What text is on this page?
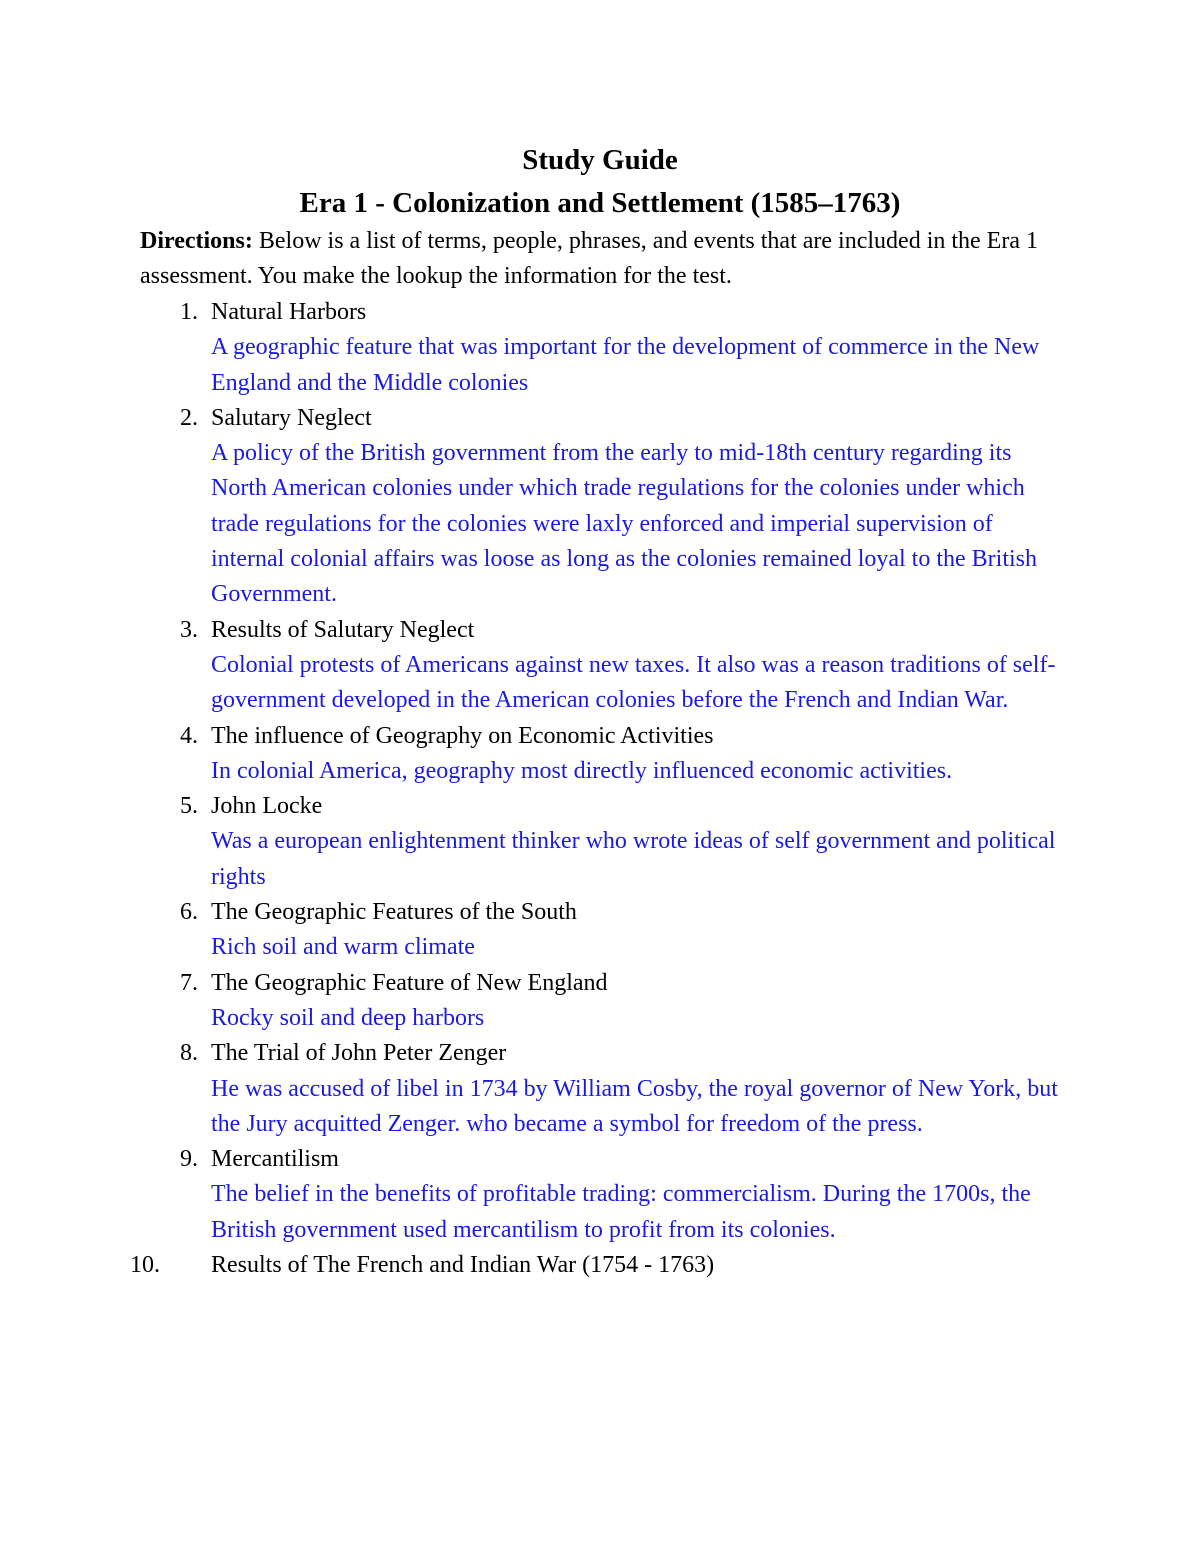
Study Guide
Era 1 - Colonization and Settlement (1585–1763)

Directions: Below is a list of terms, people, phrases, and events that are included in the Era 1 assessment. You make the lookup the information for the test.

1. Natural Harbors
A geographic feature that was important for the development of commerce in the New England and the Middle colonies
2. Salutary Neglect
A policy of the British government from the early to mid-18th century regarding its North American colonies under which trade regulations for the colonies under which trade regulations for the colonies were laxly enforced and imperial supervision of internal colonial affairs was loose as long as the colonies remained loyal to the British Government.
3. Results of Salutary Neglect
Colonial protests of Americans against new taxes. It also was a reason traditions of self-government developed in the American colonies before the French and Indian War.
4. The influence of Geography on Economic Activities
In colonial America, geography most directly influenced economic activities.
5. John Locke
Was a european enlightenment thinker who wrote ideas of self government and political rights
6. The Geographic Features of the South
Rich soil and warm climate
7. The Geographic Feature of New England
Rocky soil and deep harbors
8. The Trial of John Peter Zenger
He was accused of libel in 1734 by William Cosby, the royal governor of New York, but the Jury acquitted Zenger. who became a symbol for freedom of the press.
9. Mercantilism
The belief in the benefits of profitable trading: commercialism. During the 1700s, the British government used mercantilism to profit from its colonies.
10.	Results of The French and Indian War (1754 - 1763)
